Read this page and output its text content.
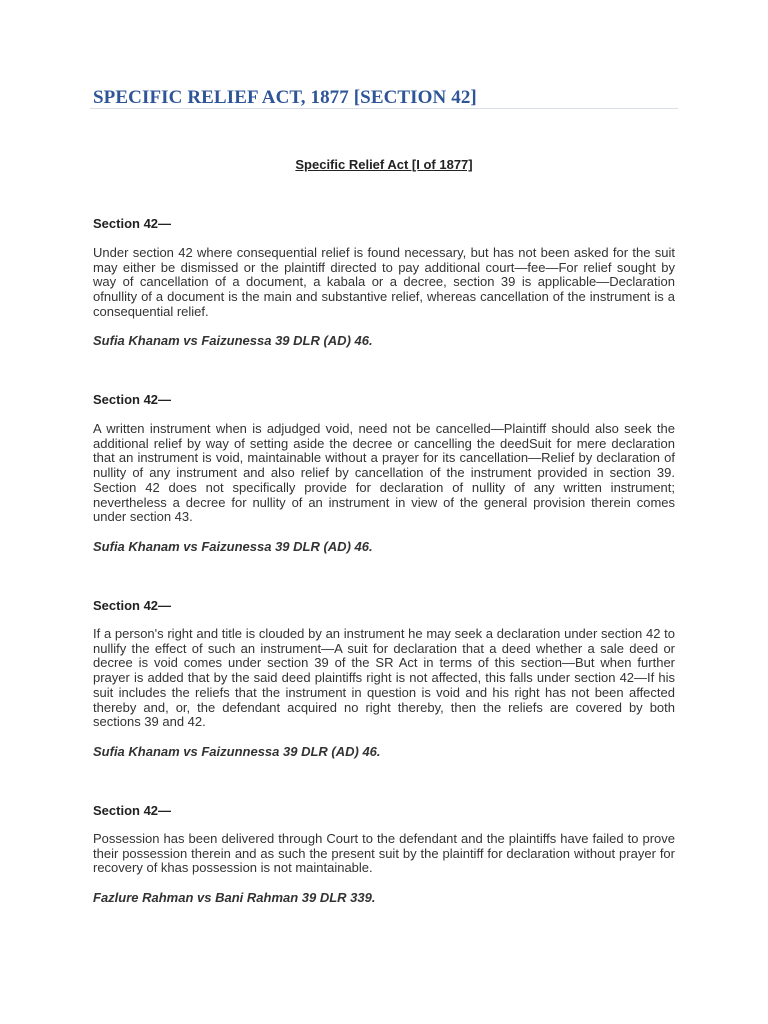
SPECIFIC RELIEF ACT, 1877 [SECTION 42]
Specific Relief Act [I of 1877]

Section 42—

Under section 42 where consequential relief is found necessary, but has not been asked for the suit may either be dismissed or the plaintiff directed to pay additional court—fee—For relief sought by way of cancellation of a document, a kabala or a decree, section 39 is applicable—Declaration ofnullity of a document is the main and substantive relief, whereas cancellation of the instrument is a consequential relief.

Sufia Khanam vs Faizunessa 39 DLR (AD) 46.

Section 42—

A written instrument when is adjudged void, need not be cancelled—Plaintiff should also seek the additional relief by way of setting aside the decree or cancelling the deedSuit for mere declaration that an instrument is void, maintainable without a prayer for its cancellation—Relief by declaration of nullity of any instrument and also relief by cancellation of the instrument provided in section 39. Section 42 does not specifically provide for declaration of nullity of any written instrument; nevertheless a decree for nullity of an instrument in view of the general provision therein comes under section 43.

Sufia Khanam vs Faizunessa 39 DLR (AD) 46.

Section 42—

If a person's right and title is clouded by an instrument he may seek a declaration under section 42 to nullify the effect of such an instrument—A suit for declaration that a deed whether a sale deed or decree is void comes under section 39 of the SR Act in terms of this section—But when further prayer is added that by the said deed plaintiffs right is not affected, this falls under section 42—If his suit includes the reliefs that the instrument in question is void and his right has not been affected thereby and, or, the defendant acquired no right thereby, then the reliefs are covered by both sections 39 and 42.

Sufia Khanam vs Faizunnessa 39 DLR (AD) 46.

Section 42—

Possession has been delivered through Court to the defendant and the plaintiffs have failed to prove their possession therein and as such the present suit by the plaintiff for declaration without prayer for recovery of khas possession is not maintainable.

Fazlure Rahman vs Bani Rahman 39 DLR 339.
